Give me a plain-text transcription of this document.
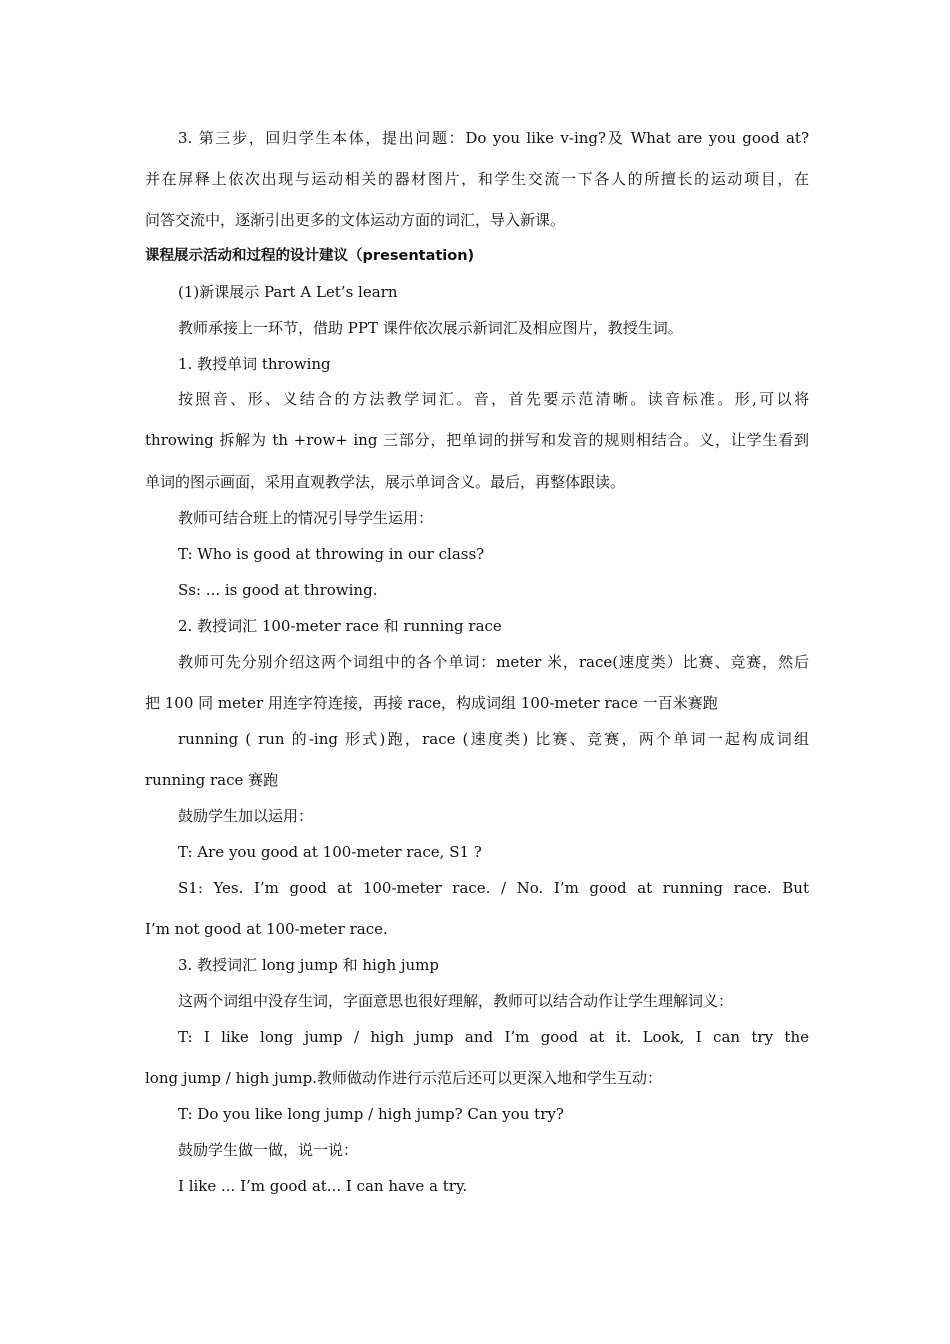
3. 第三步，回归学生本体，提出问题：Do you like v-ing?及 What are you good at?
并在屏释上依次出现与运动相关的器材图片，和学生交流一下各人的所擅长的运动项目，在
问答交流中，逐渐引出更多的文体运动方面的词汇，导入新课。
课程展示活动和过程的设计建议（presentation)
(1)新课展示 Part A Let’s learn
教师承接上一环节，借助 PPT 课件依次展示新词汇及相应图片，教授生词。
1. 教授单词 throwing
按照音、形、义结合的方法教学词汇。音，首先要示范清晰。读音标准。形,可以将
throwing 拆解为 th +row+ ing 三部分，把单词的拼写和发音的规则相结合。义，让学生看到
单词的图示画面，采用直观教学法，展示单词含义。最后，再整体跟读。
教师可结合班上的情况引导学生运用：
T: Who is good at throwing in our class?
Ss: ... is good at throwing.
2. 教授词汇 100-meter race 和 running race
教师可先分别介绍这两个词组中的各个单词：meter 米，race(速度类）比赛、竞赛，然后
把 100 同 meter 用连字符连接，再接 race，构成词组 100-meter race 一百米赛跑
running ( run 的-ing 形式)跑，race (速度类) 比赛、竞赛，两个单词一起构成词组
running race 赛跑
鼓励学生加以运用：
T: Are you good at 100-meter race, S1 ?
S1: Yes. I’m good at 100-meter race. / No. I’m good at running race. But
I’m not good at 100-meter race.
3. 教授词汇 long jump 和 high jump
这两个词组中没存生词，字面意思也很好理解，教师可以结合动作让学生理解词义：
T: I like long jump / high jump and I’m good at it. Look, I can try the
long jump / high jump.教师做动作进行示范后还可以更深入地和学生互动：
T: Do you like long jump / high jump? Can you try?
鼓励学生做一做，说一说：
I like ... I’m good at... I can have a try.
